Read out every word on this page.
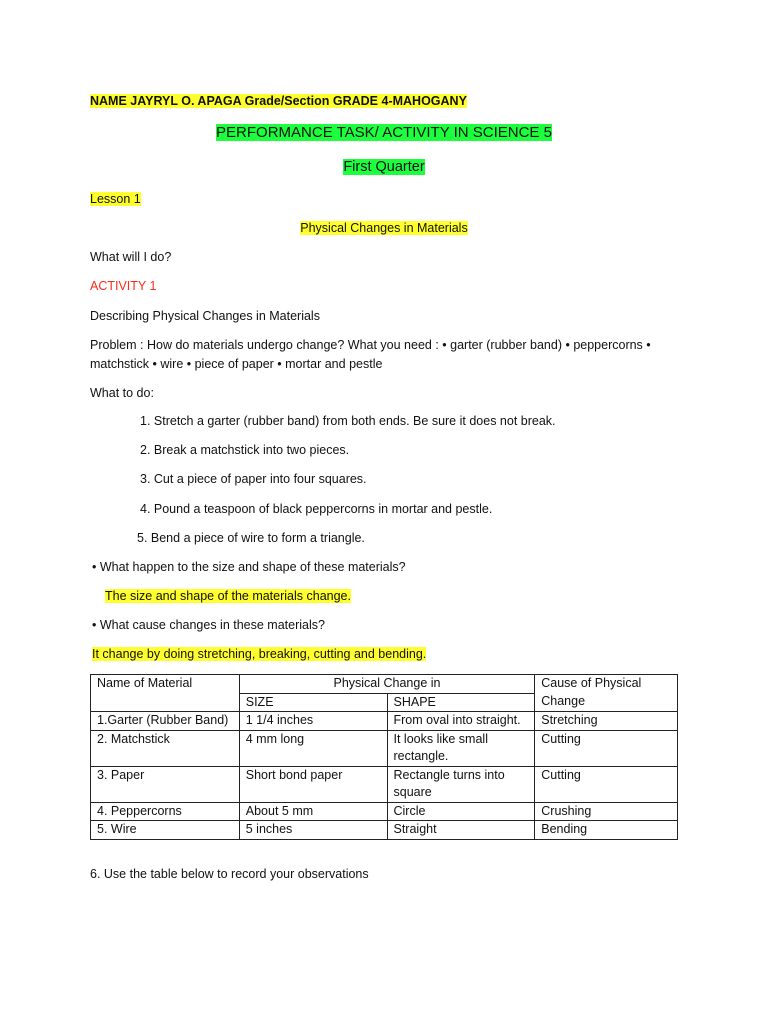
NAME JAYRYL O. APAGA Grade/Section GRADE 4-MAHOGANY
PERFORMANCE TASK/ ACTIVITY IN SCIENCE 5
First Quarter
Lesson 1
Physical Changes in Materials
What will I do?
ACTIVITY 1
Describing Physical Changes in Materials
Problem : How do materials undergo change? What you need : • garter (rubber band) • peppercorns •
matchstick • wire • piece of paper • mortar and pestle
What to do:
1. Stretch a garter (rubber band) from both ends. Be sure it does not break.
2. Break a matchstick into two pieces.
3. Cut a piece of paper into four squares.
4. Pound a teaspoon of black peppercorns in mortar and pestle.
5. Bend a piece of wire to form a triangle.
• What happen to the size and shape of these materials?
The size and shape of the materials change.
• What cause changes in these materials?
It change by doing stretching, breaking, cutting and bending.
Name of Material	Physical Change in		Cause of Physical
Change
	SIZE	SHAPE	
1.Garter (Rubber Band)	1 1/4 inches	From oval into straight.	Stretching
2. Matchstick	4 mm long	It looks like small rectangle.	Cutting
3. Paper	Short bond paper	Rectangle turns into square	Cutting
4. Peppercorns	About 5 mm	Circle	Crushing
5. Wire	5 inches	Straight	Bending
6. Use the table below to record your observations
